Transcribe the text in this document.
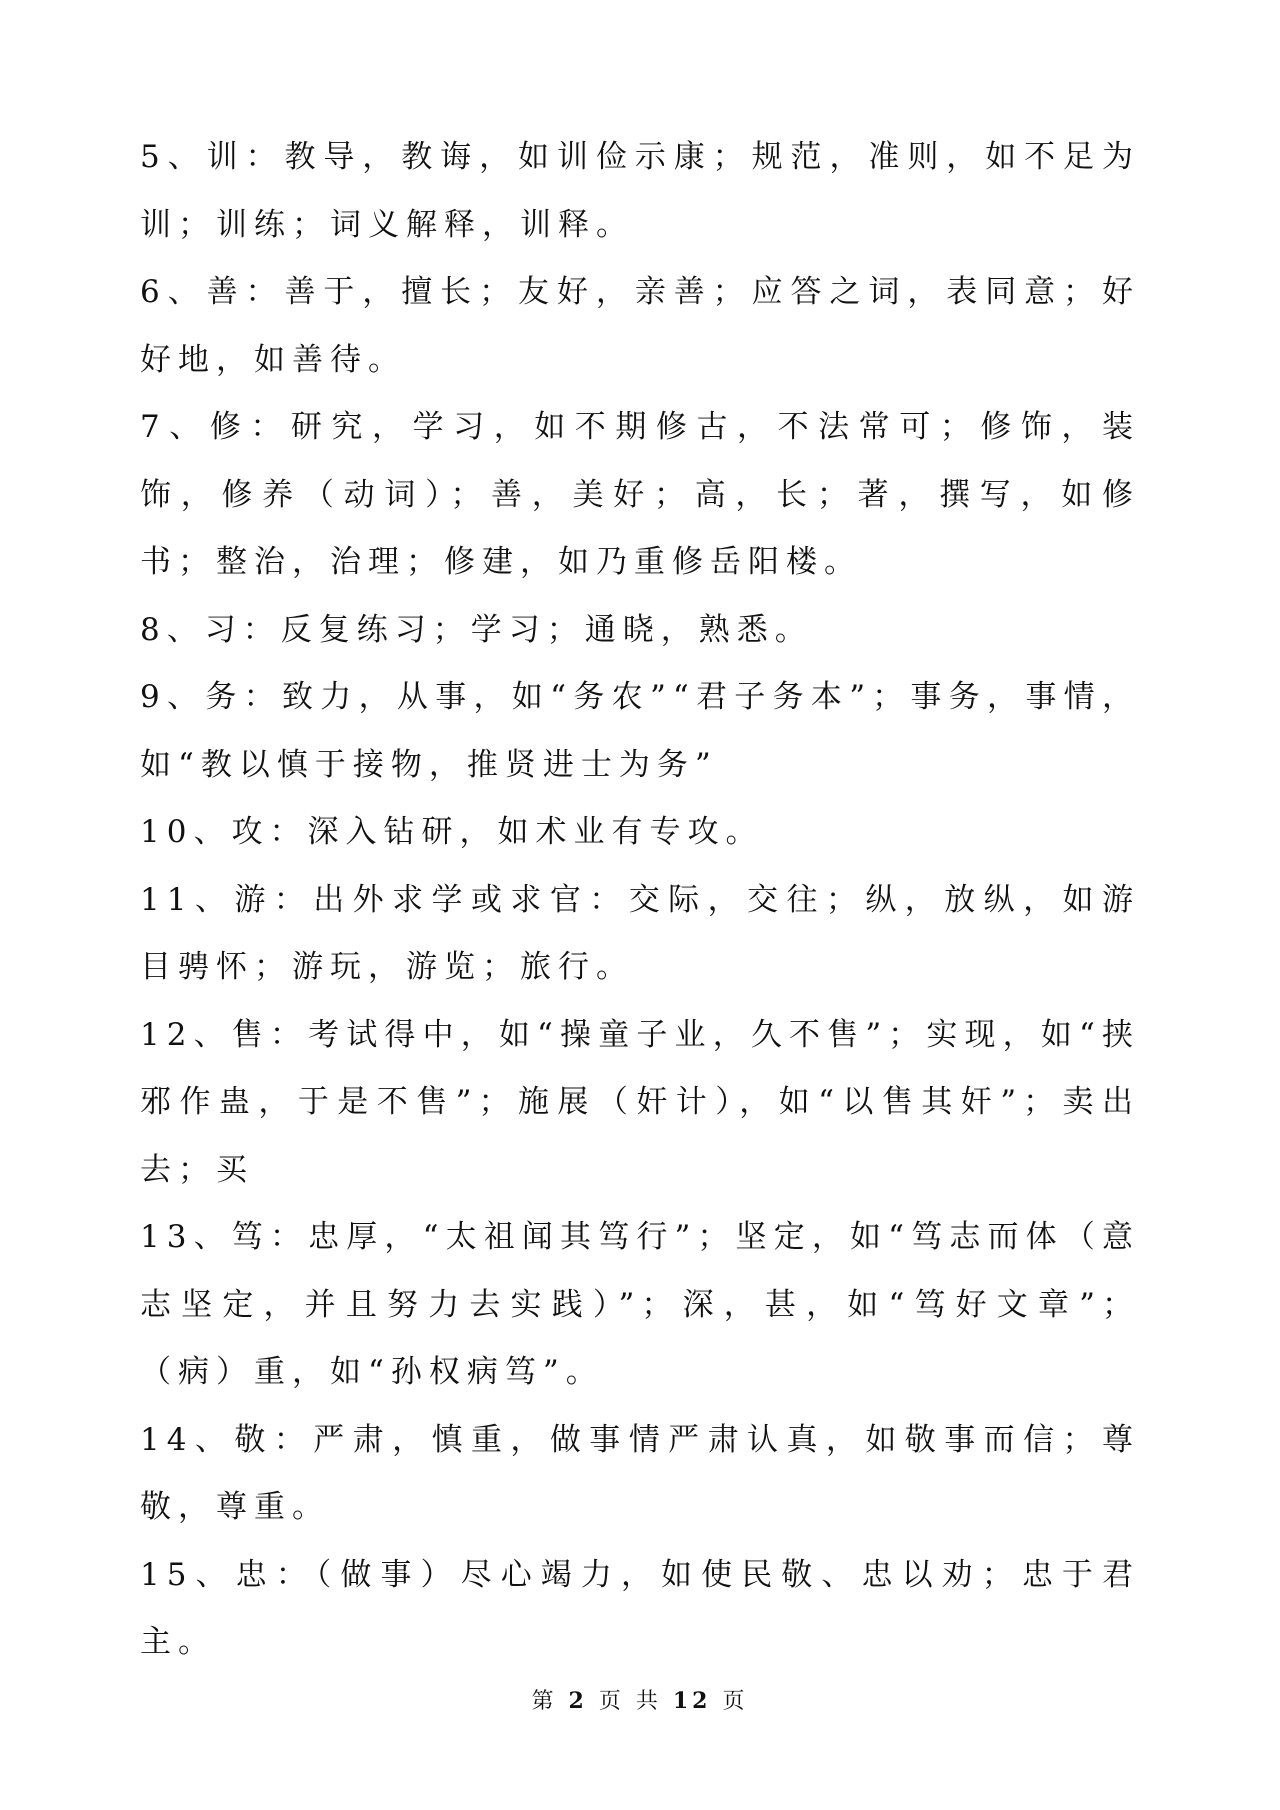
5、训：教导，教诲，如训俭示康；规范，准则，如不足为训；训练；词义解释，训释。

6、善：善于，擅长；友好，亲善；应答之词，表同意；好好地，如善待。

7、修：研究，学习，如不期修古，不法常可；修饰，装饰，修养（动词）；善，美好；高，长；著，撰写，如修书；整治，治理；修建，如乃重修岳阳楼。

8、习：反复练习；学习；通晓，熟悉。

9、务：致力，从事，如“务农”“君子务本”；事务，事情，如“教以慎于接物，推贤进士为务”

10、攻：深入钻研，如术业有专攻。

11、游：出外求学或求官：交际，交往；纵，放纵，如游目骋怀；游玩，游览；旅行。

12、售：考试得中，如“操童子业，久不售”；实现，如“挟邪作蛊，于是不售”；施展（奸计），如“以售其奸”；卖出去；买

13、笃：忠厚，“太祖闻其笃行”；坚定，如“笃志而体（意志坚定，并且努力去实践）”；深，甚，如“笃好文章”；（病）重，如“孙权病笃”。

14、敬：严肃，慎重，做事情严肃认真，如敬事而信；尊敬，尊重。

15、忠：（做事）尽心竭力，如使民敬、忠以劝；忠于君主。

第 2 页 共 12 页
